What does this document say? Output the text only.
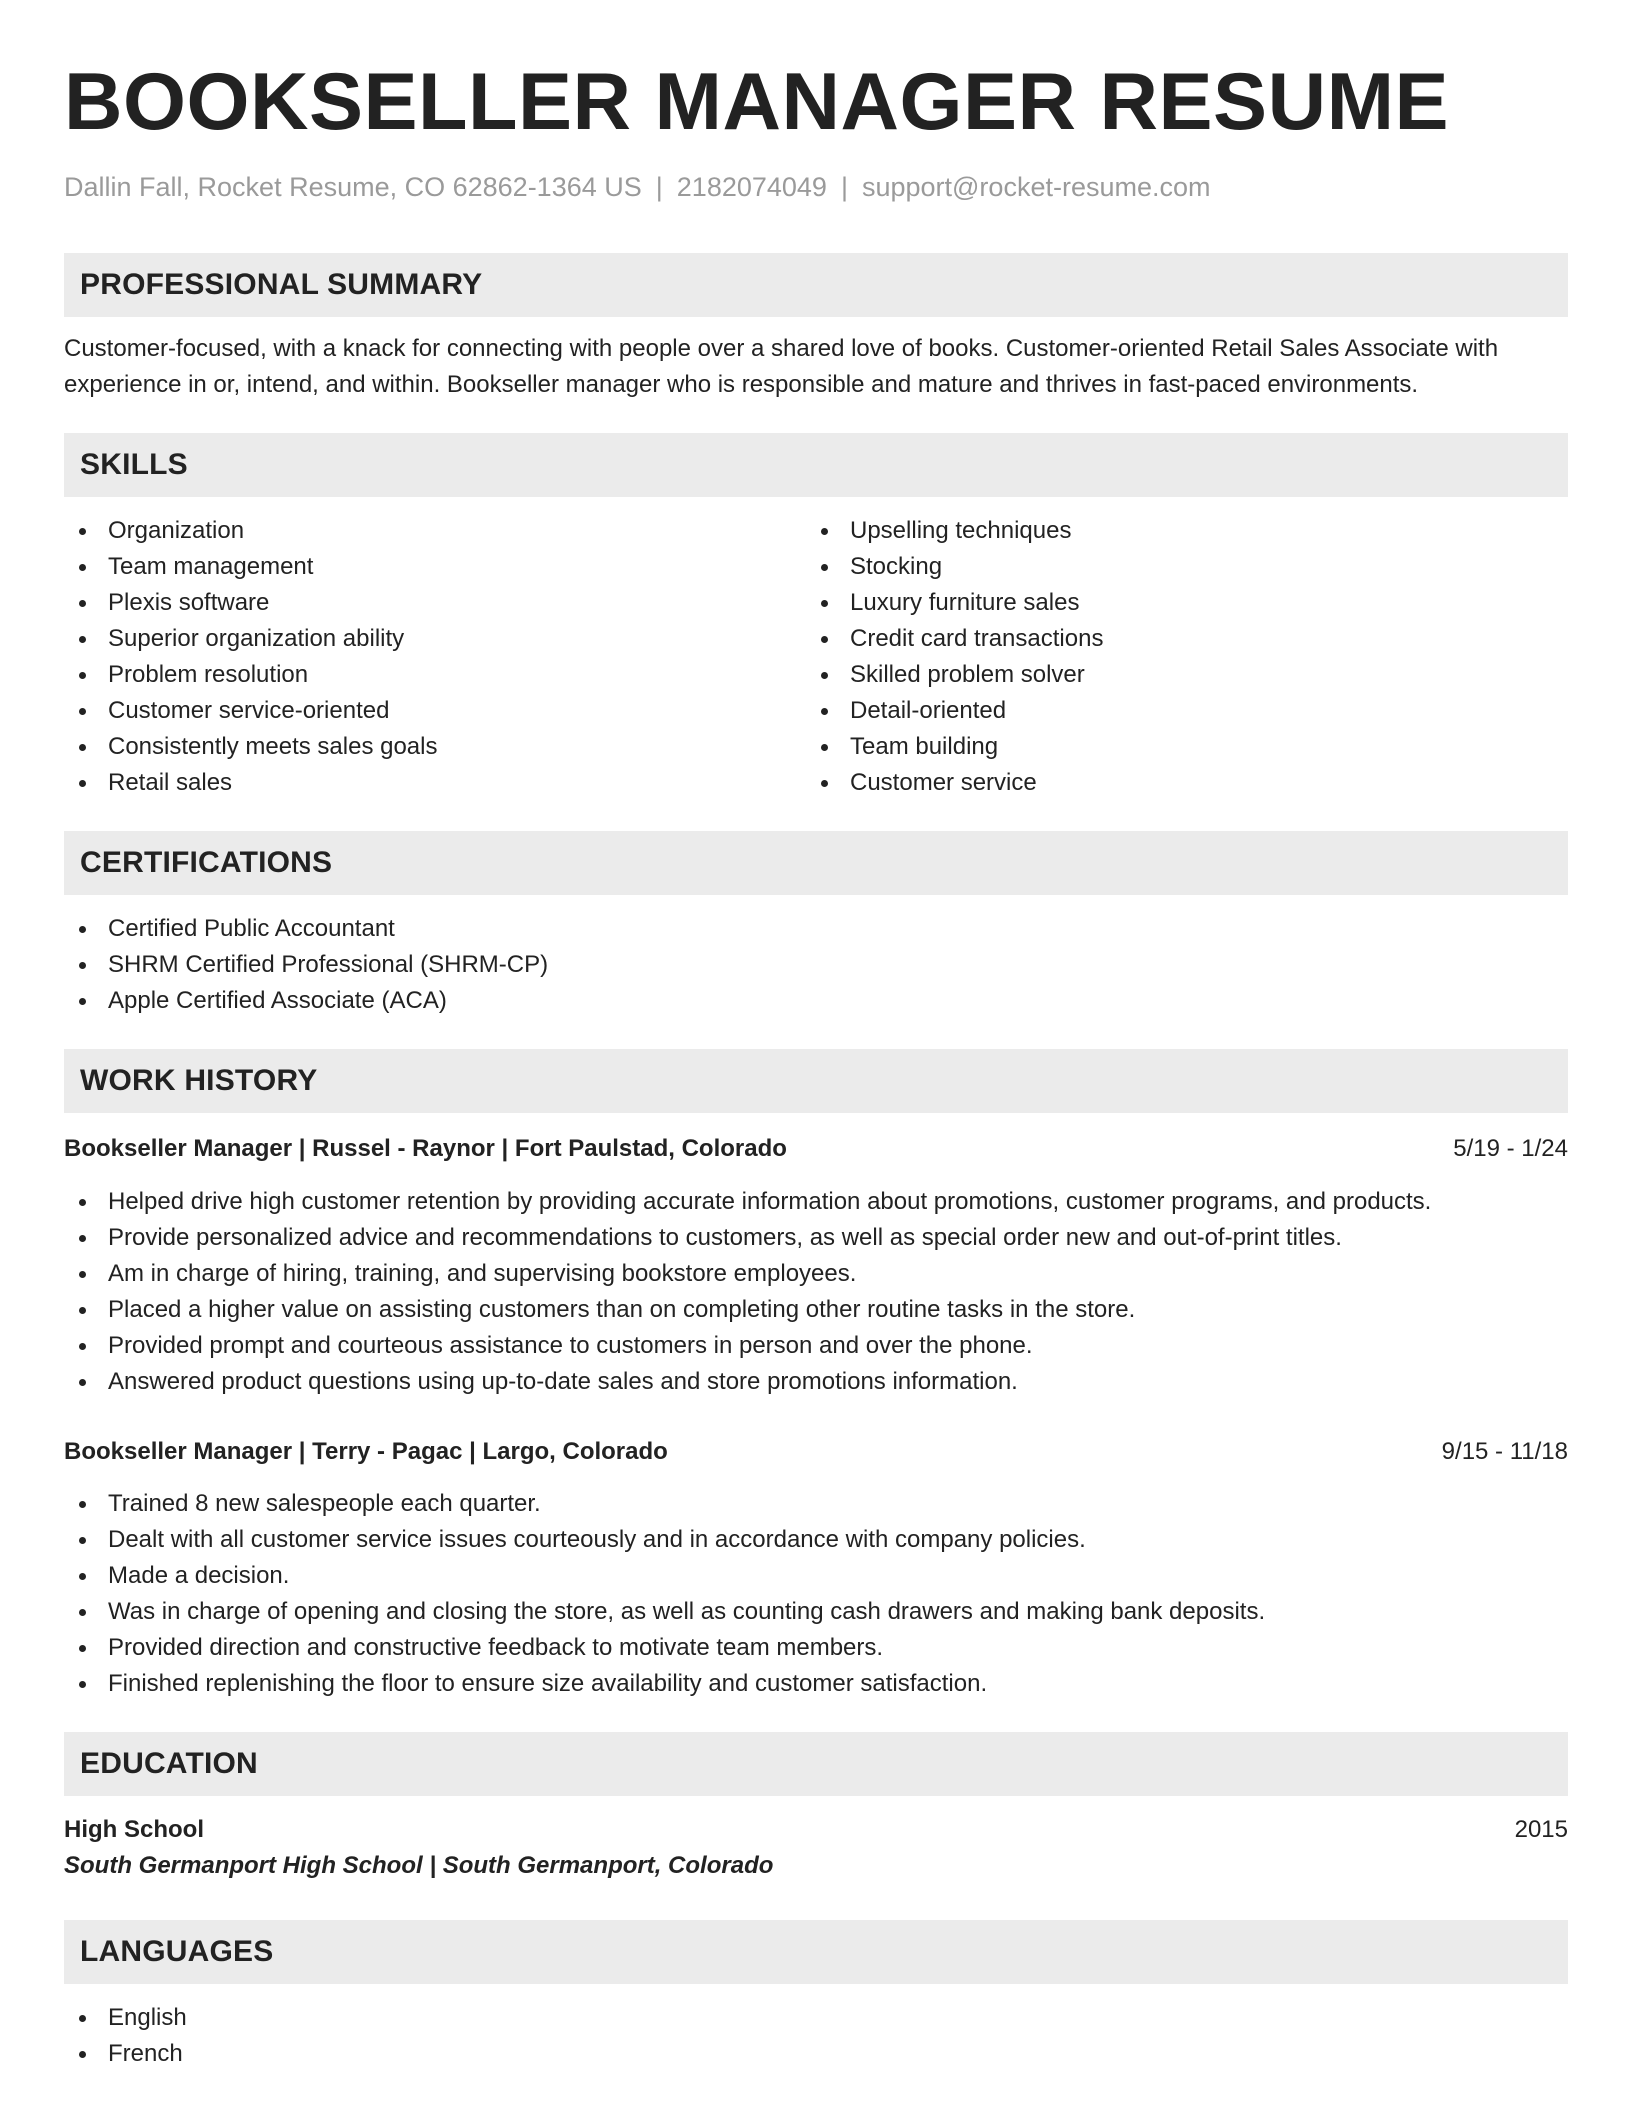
BOOKSELLER MANAGER RESUME
Dallin Fall, Rocket Resume, CO 62862-1364 US | 2182074049 | support@rocket-resume.com
PROFESSIONAL SUMMARY
Customer-focused, with a knack for connecting with people over a shared love of books. Customer-oriented Retail Sales Associate with experience in or, intend, and within. Bookseller manager who is responsible and mature and thrives in fast-paced environments.
SKILLS
Organization
Team management
Plexis software
Superior organization ability
Problem resolution
Customer service-oriented
Consistently meets sales goals
Retail sales
Upselling techniques
Stocking
Luxury furniture sales
Credit card transactions
Skilled problem solver
Detail-oriented
Team building
Customer service
CERTIFICATIONS
Certified Public Accountant
SHRM Certified Professional (SHRM-CP)
Apple Certified Associate (ACA)
WORK HISTORY
Bookseller Manager | Russel - Raynor | Fort Paulstad, Colorado	5/19 - 1/24
Helped drive high customer retention by providing accurate information about promotions, customer programs, and products.
Provide personalized advice and recommendations to customers, as well as special order new and out-of-print titles.
Am in charge of hiring, training, and supervising bookstore employees.
Placed a higher value on assisting customers than on completing other routine tasks in the store.
Provided prompt and courteous assistance to customers in person and over the phone.
Answered product questions using up-to-date sales and store promotions information.
Bookseller Manager | Terry - Pagac | Largo, Colorado	9/15 - 11/18
Trained 8 new salespeople each quarter.
Dealt with all customer service issues courteously and in accordance with company policies.
Made a decision.
Was in charge of opening and closing the store, as well as counting cash drawers and making bank deposits.
Provided direction and constructive feedback to motivate team members.
Finished replenishing the floor to ensure size availability and customer satisfaction.
EDUCATION
High School	2015
South Germanport High School | South Germanport, Colorado
LANGUAGES
English
French
